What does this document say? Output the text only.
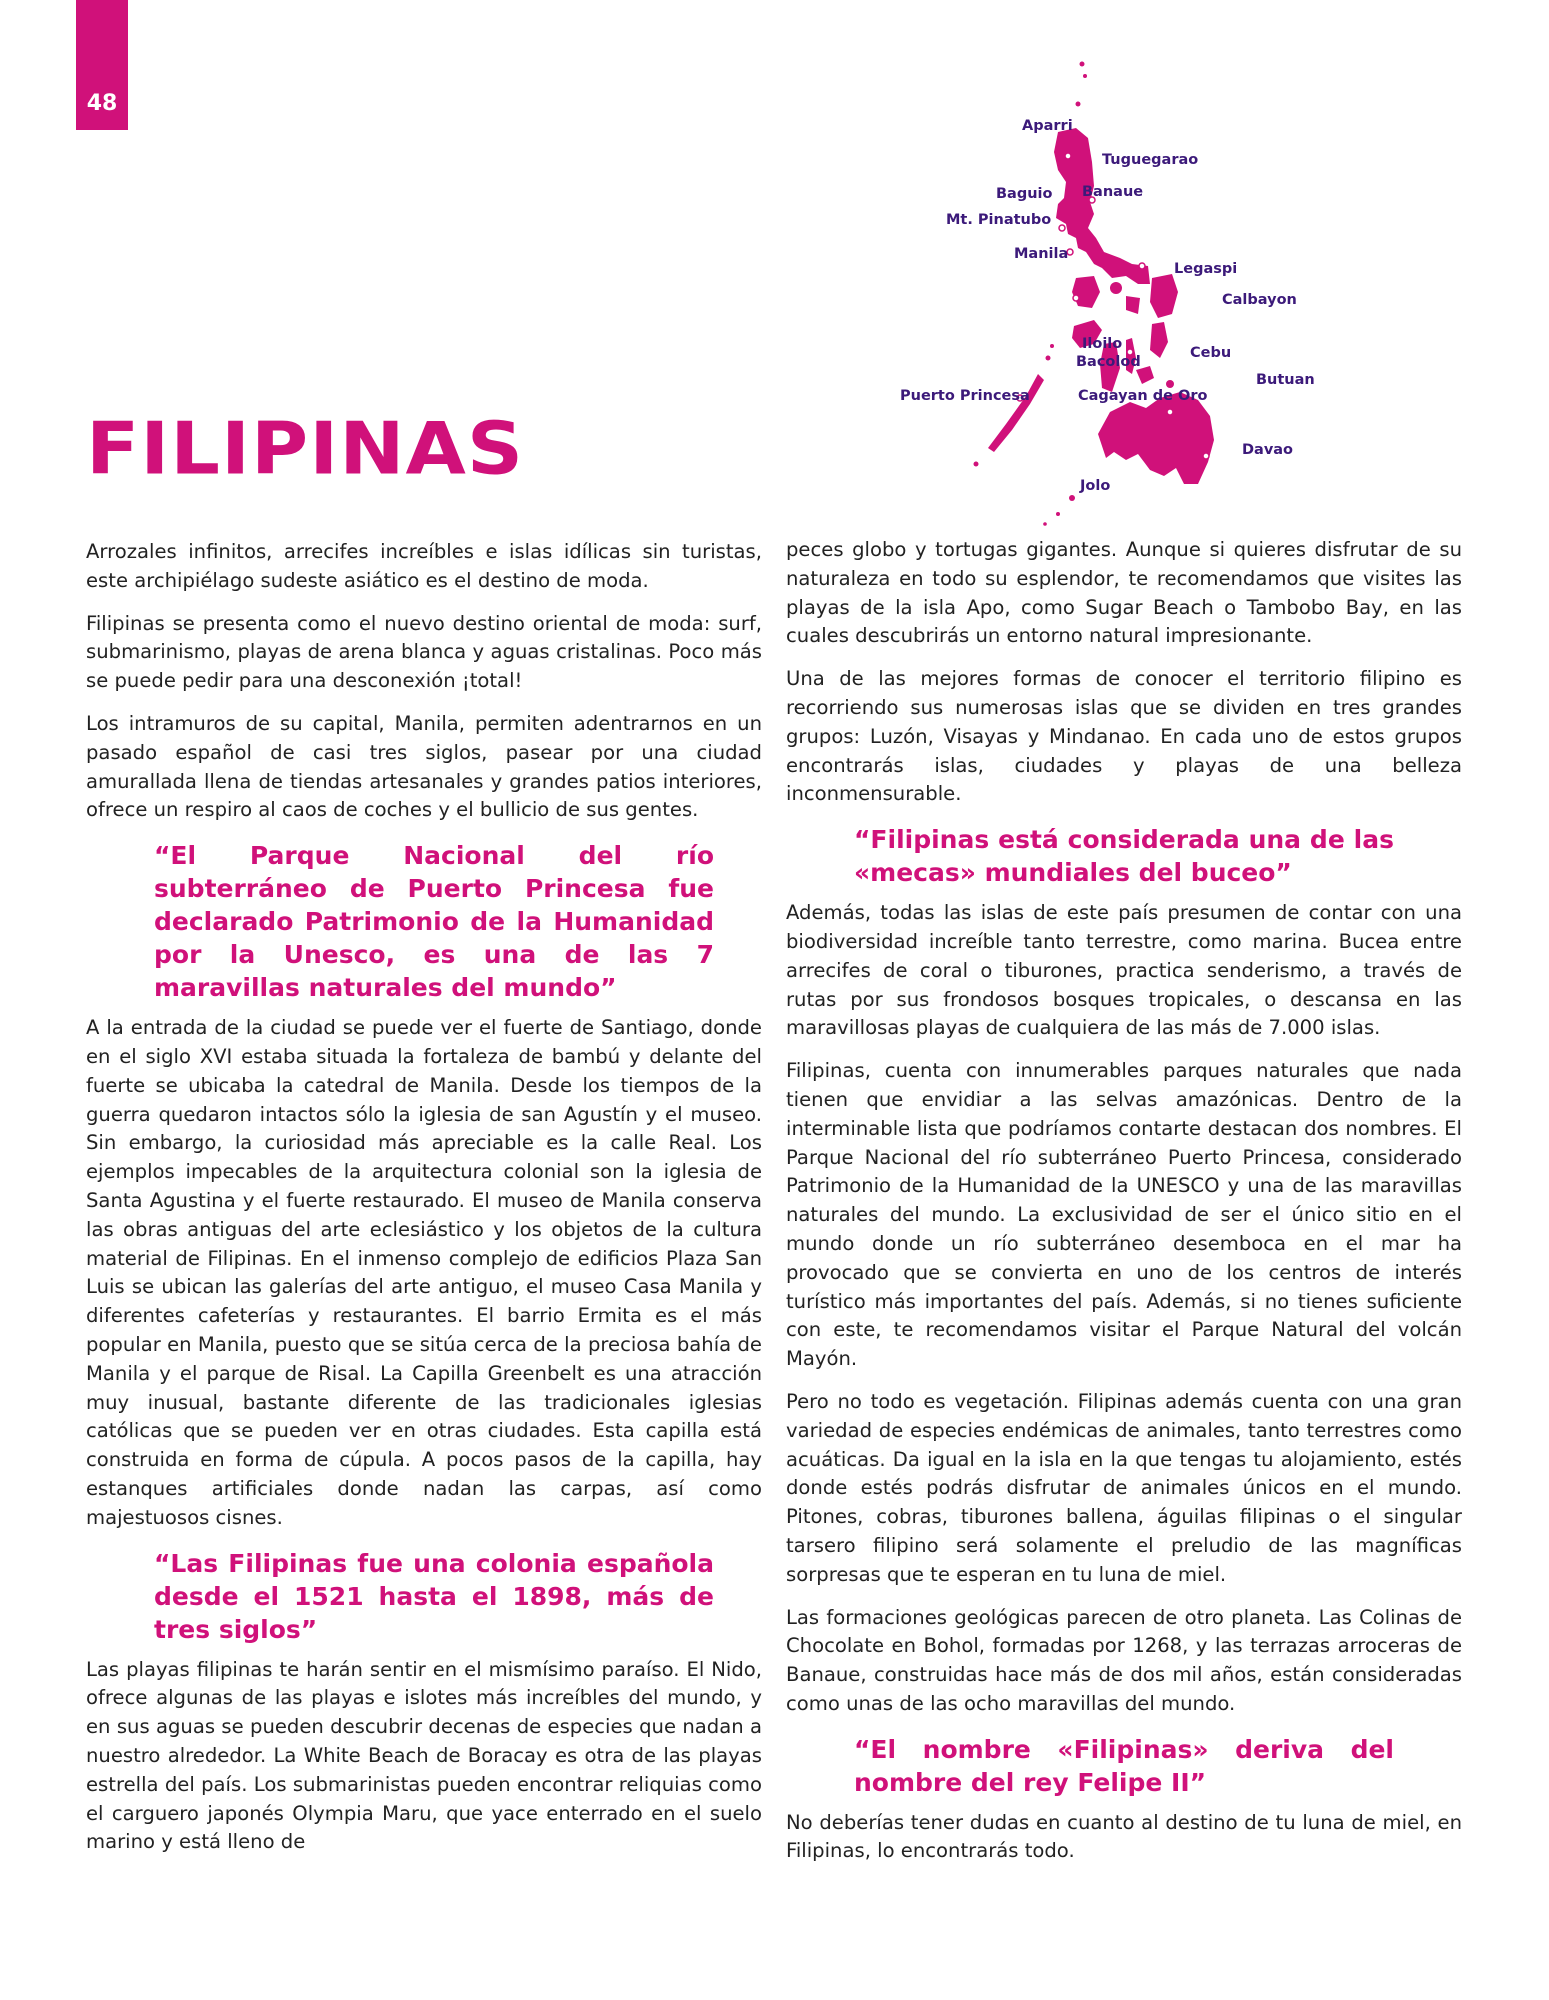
48
Aparri
Tuguegarao
Baguio Banaue
Mt. Pinatubo
Manila
Legaspi
Calbayon
Iloilo
Bacolod
Cebu
Butuan
Puerto Princesa	Cagayan de Oro
Davao
Jolo
FILIPINAS

Arrozales infinitos, arrecifes increíbles e islas idílicas sin turistas, este archipiélago sudeste asiático es el destino de moda.

Filipinas se presenta como el nuevo destino oriental de moda: surf, submarinismo, playas de arena blanca y aguas cristalinas. Poco más se puede pedir para una desconexión ¡total!

Los intramuros de su capital, Manila, permiten adentrarnos en un pasado español de casi tres siglos, pasear por una ciudad amurallada llena de tiendas artesanales y grandes patios interiores, ofrece un respiro al caos de coches y el bullicio de sus gentes.

“El Parque Nacional del río subterráneo de Puerto Princesa fue declarado Patrimonio de la Humanidad por la Unesco, es una de las 7 maravillas naturales del mundo”

A la entrada de la ciudad se puede ver el fuerte de Santiago, donde en el siglo XVI estaba situada la fortaleza de bambú y delante del fuerte se ubicaba la catedral de Manila. Desde los tiempos de la guerra quedaron intactos sólo la iglesia de san Agustín y el museo. Sin embargo, la curiosidad más apreciable es la calle Real. Los ejemplos impecables de la arquitectura colonial son la iglesia de Santa Agustina y el fuerte restaurado. El museo de Manila conserva las obras antiguas del arte eclesiástico y los objetos de la cultura material de Filipinas. En el inmenso complejo de edificios Plaza San Luis se ubican las galerías del arte antiguo, el museo Casa Manila y diferentes cafeterías y restaurantes. El barrio Ermita es el más popular en Manila, puesto que se sitúa cerca de la preciosa bahía de Manila y el parque de Risal. La Capilla Greenbelt es una atracción muy inusual, bastante diferente de las tradicionales iglesias católicas que se pueden ver en otras ciudades. Esta capilla está construida en forma de cúpula. A pocos pasos de la capilla, hay estanques artificiales donde nadan las carpas, así como majestuosos cisnes.

“Las Filipinas fue una colonia española desde el 1521 hasta el 1898, más de tres siglos”

Las playas filipinas te harán sentir en el mismísimo paraíso. El Nido, ofrece algunas de las playas e islotes más increíbles del mundo, y en sus aguas se pueden descubrir decenas de especies que nadan a nuestro alrededor. La White Beach de Boracay es otra de las playas estrella del país. Los submarinistas pueden encontrar reliquias como el carguero japonés Olympia Maru, que yace enterrado en el suelo marino y está lleno de

peces globo y tortugas gigantes. Aunque si quieres disfrutar de su naturaleza en todo su esplendor, te recomendamos que visites las playas de la isla Apo, como Sugar Beach o Tambobo Bay, en las cuales descubrirás un entorno natural impresionante.

Una de las mejores formas de conocer el territorio filipino es recorriendo sus numerosas islas que se dividen en tres grandes grupos: Luzón, Visayas y Mindanao. En cada uno de estos grupos encontrarás islas, ciudades y playas de una belleza inconmensurable.

“Filipinas está considerada una de las «mecas» mundiales del buceo”

Además, todas las islas de este país presumen de contar con una biodiversidad increíble tanto terrestre, como marina. Bucea entre arrecifes de coral o tiburones, practica senderismo, a través de rutas por sus frondosos bosques tropicales, o descansa en las maravillosas playas de cualquiera de las más de 7.000 islas.

Filipinas, cuenta con innumerables parques naturales que nada tienen que envidiar a las selvas amazónicas. Dentro de la interminable lista que podríamos contarte destacan dos nombres. El Parque Nacional del río subterráneo Puerto Princesa, considerado Patrimonio de la Humanidad de la UNESCO y una de las maravillas naturales del mundo. La exclusividad de ser el único sitio en el mundo donde un río subterráneo desemboca en el mar ha provocado que se convierta en uno de los centros de interés turístico más importantes del país. Además, si no tienes suficiente con este, te recomendamos visitar el Parque Natural del volcán Mayón.

Pero no todo es vegetación. Filipinas además cuenta con una gran variedad de especies endémicas de animales, tanto terrestres como acuáticas. Da igual en la isla en la que tengas tu alojamiento, estés donde estés podrás disfrutar de animales únicos en el mundo. Pitones, cobras, tiburones ballena, águilas filipinas o el singular tarsero filipino será solamente el preludio de las magníficas sorpresas que te esperan en tu luna de miel.

Las formaciones geológicas parecen de otro planeta. Las Colinas de Chocolate en Bohol, formadas por 1268, y las terrazas arroceras de Banaue, construidas hace más de dos mil años, están consideradas como unas de las ocho maravillas del mundo.

“El nombre «Filipinas» deriva del nombre del rey Felipe II”

No deberías tener dudas en cuanto al destino de tu luna de miel, en Filipinas, lo encontrarás todo.
